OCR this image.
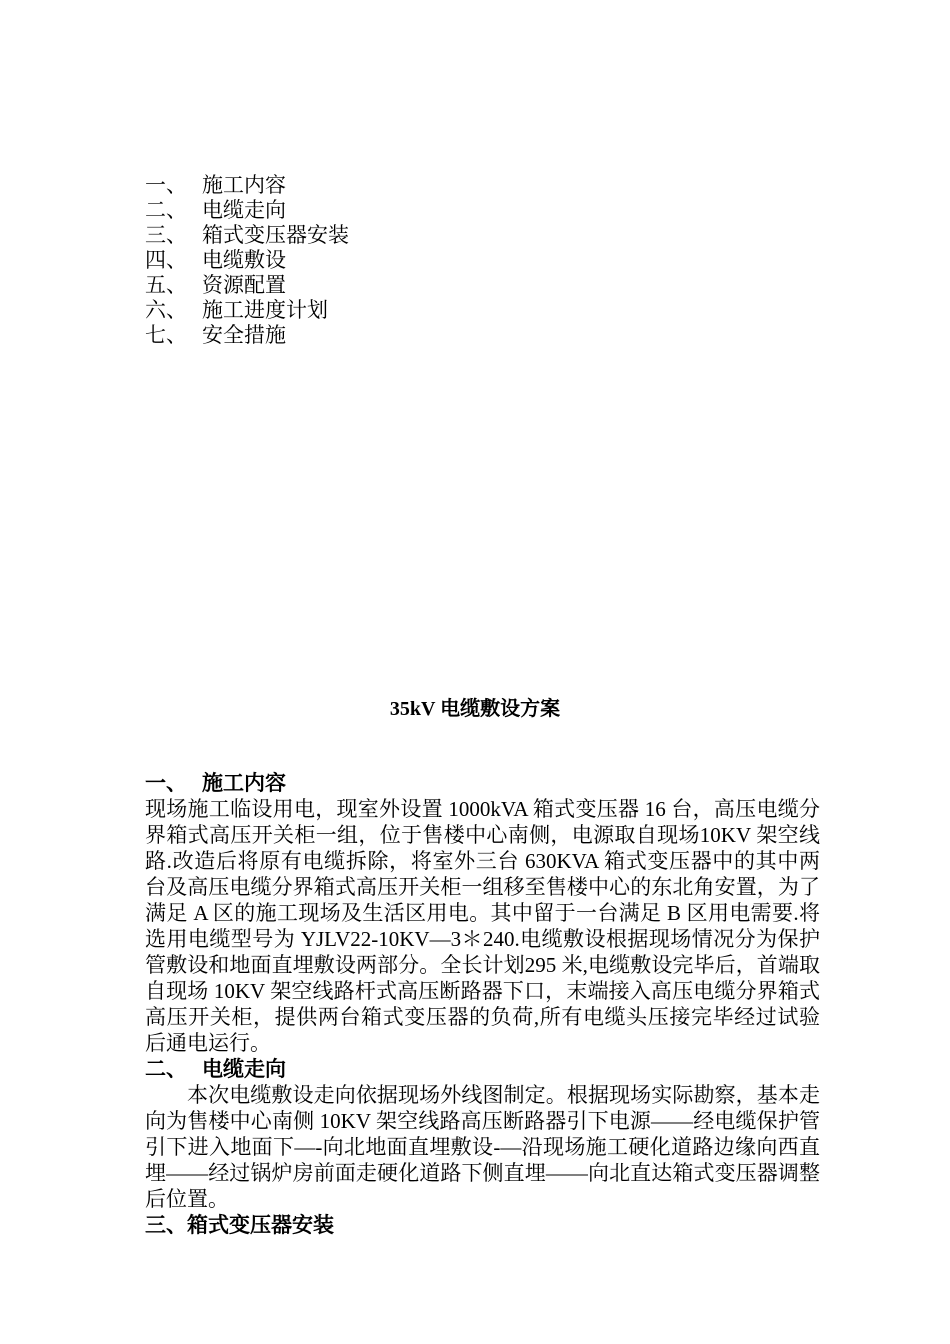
一、 施工内容
二、 电缆走向
三、 箱式变压器安装
四、 电缆敷设
五、 资源配置
六、 施工进度计划
七、 安全措施
35kV 电缆敷设方案
一、 施工内容

现场施工临设用电，现室外设置 1000kVA 箱式变压器 16 台，高压电缆分界箱式高压开关柜一组，位于售楼中心南侧，电源取自现场10KV 架空线路.改造后将原有电缆拆除，将室外三台 630KVA 箱式变压器中的其中两台及高压电缆分界箱式高压开关柜一组移至售楼中心的东北角安置，为了满足 A 区的施工现场及生活区用电。其中留于一台满足 B 区用电需要.将选用电缆型号为 YJLV22-10KV—3＊240.电缆敷设根据现场情况分为保护管敷设和地面直埋敷设两部分。全长计划295 米,电缆敷设完毕后，首端取自现场 10KV 架空线路杆式高压断路器下口，末端接入高压电缆分界箱式高压开关柜，提供两台箱式变压器的负荷,所有电缆头压接完毕经过试验后通电运行。

二、 电缆走向

本次电缆敷设走向依据现场外线图制定。根据现场实际勘察，基本走向为售楼中心南侧 10KV 架空线路高压断路器引下电源——经电缆保护管引下进入地面下—-向北地面直埋敷设-—沿现场施工硬化道路边缘向西直埋——经过锅炉房前面走硬化道路下侧直埋——向北直达箱式变压器调整后位置。

三、箱式变压器安装
